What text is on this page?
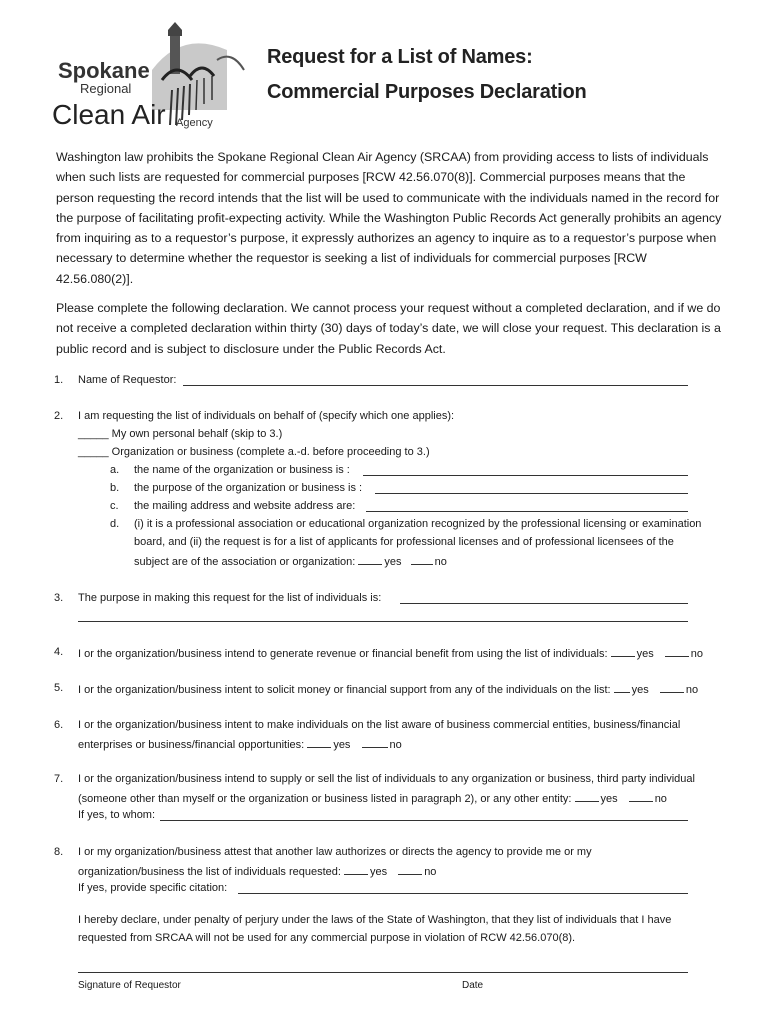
Spokane
Regional
Clean Air Agency
Request for a List of Names:
Commercial Purposes Declaration
Washington law prohibits the Spokane Regional Clean Air Agency (SRCAA) from providing access to lists of individuals when such lists are requested for commercial purposes [RCW 42.56.070(8)]. Commercial purposes means that the person requesting the record intends that the list will be used to communicate with the individuals named in the record for the purpose of facilitating profit-expecting activity. While the Washington Public Records Act generally prohibits an agency from inquiring as to a requestor’s purpose, it expressly authorizes an agency to inquire as to a requestor’s purpose when necessary to determine whether the requestor is seeking a list of individuals for commercial purposes [RCW 42.56.080(2)].
Please complete the following declaration. We cannot process your request without a completed declaration, and if we do not receive a completed declaration within thirty (30) days of today’s date, we will close your request. This declaration is a public record and is subject to disclosure under the Public Records Act.
1. Name of Requestor:
2. I am requesting the list of individuals on behalf of (specify which one applies):
_____ My own personal behalf (skip to 3.)
_____ Organization or business (complete a.-d. before proceeding to 3.)
a. the name of the organization or business is :
b. the purpose of the organization or business is :
c. the mailing address and website address are:
d. (i) it is a professional association or educational organization recognized by the professional licensing or examination
board, and (ii) the request is for a list of applicants for professional licenses and of professional licensees of the
subject are of the association or organization:	yes	no
3. The purpose in making this request for the list of individuals is:
4. I or the organization/business intend to generate revenue or financial benefit from using the list of individuals:	yes	no
5. I or the organization/business intent to solicit money or financial support from any of the individuals on the list: yes	no
6. I or the organization/business intent to make individuals on the list aware of business commercial entities, business/financial
enterprises or business/financial opportunities:	yes	no
7. I or the organization/business intend to supply or sell the list of individuals to any organization or business, third party individual
(someone other than myself or the organization or business listed in paragraph 2), or any other entity:	yes	no
If yes, to whom:
8. I or my organization/business attest that another law authorizes or directs the agency to provide me or my
organization/business the list of individuals requested:	yes	no
If yes, provide specific citation:
I hereby declare, under penalty of perjury under the laws of the State of Washington, that they list of individuals that I have requested from SRCAA will not be used for any commercial purpose in violation of RCW 42.56.070(8).
Signature of Requestor	Date
